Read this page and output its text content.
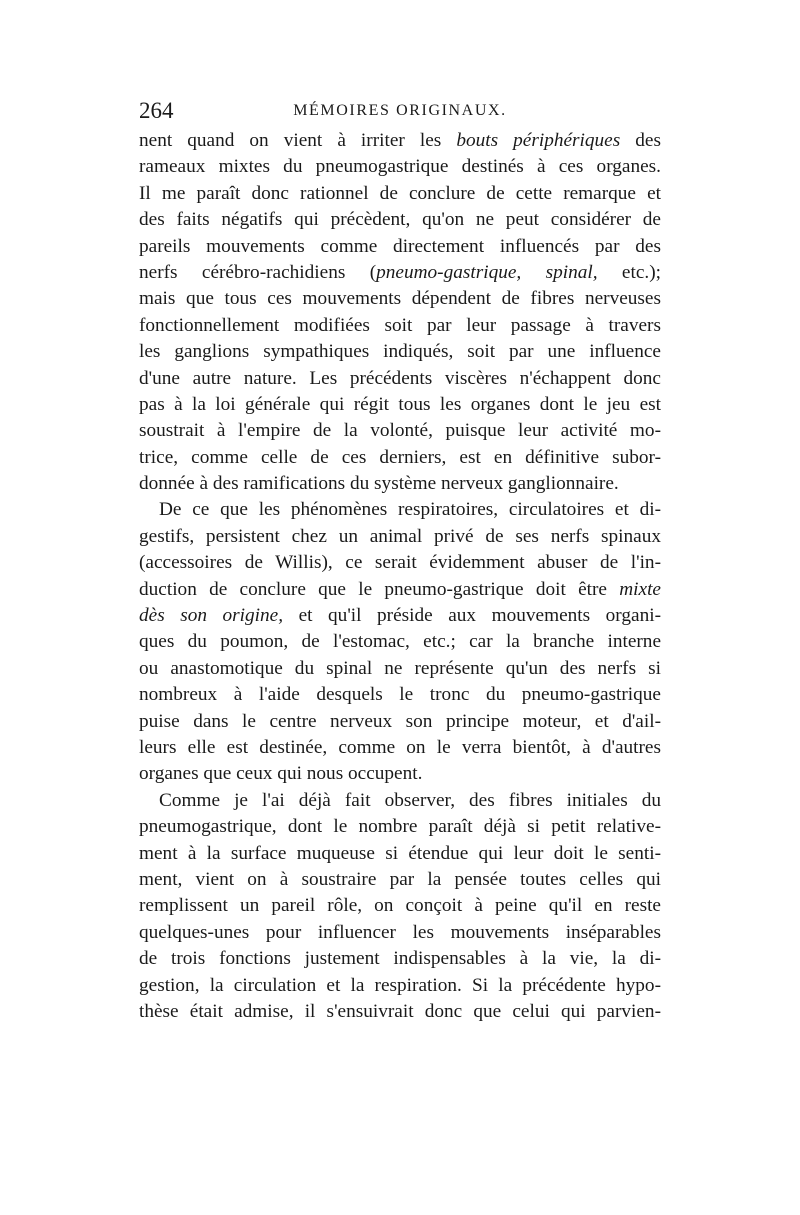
264	MÉMOIRES ORIGINAUX.
nent quand on vient à irriter les bouts périphériques des
rameaux mixtes du pneumogastrique destinés à ces organes.
Il me paraît donc rationnel de conclure de cette remarque et
des faits négatifs qui précèdent, qu'on ne peut considérer de
pareils mouvements comme directement influencés par des
nerfs cérébro-rachidiens (pneumo-gastrique, spinal, etc.);
mais que tous ces mouvements dépendent de fibres nerveuses
fonctionnellement modifiées soit par leur passage à travers
les ganglions sympathiques indiqués, soit par une influence
d'une autre nature. Les précédents viscères n'échappent donc
pas à la loi générale qui régit tous les organes dont le jeu est
soustrait à l'empire de la volonté, puisque leur activité mo-
trice, comme celle de ces derniers, est en définitive subor-
donnée à des ramifications du système nerveux ganglionnaire.
De ce que les phénomènes respiratoires, circulatoires et di-
gestifs, persistent chez un animal privé de ses nerfs spinaux
(accessoires de Willis), ce serait évidemment abuser de l'in-
duction de conclure que le pneumo-gastrique doit être mixte
dès son origine, et qu'il préside aux mouvements organi-
ques du poumon, de l'estomac, etc.; car la branche interne
ou anastomotique du spinal ne représente qu'un des nerfs si
nombreux à l'aide desquels le tronc du pneumo-gastrique
puise dans le centre nerveux son principe moteur, et d'ail-
leurs elle est destinée, comme on le verra bientôt, à d'autres
organes que ceux qui nous occupent.
Comme je l'ai déjà fait observer, des fibres initiales du
pneumogastrique, dont le nombre paraît déjà si petit relative-
ment à la surface muqueuse si étendue qui leur doit le senti-
ment, vient on à soustraire par la pensée toutes celles qui
remplissent un pareil rôle, on conçoit à peine qu'il en reste
quelques-unes pour influencer les mouvements inséparables
de trois fonctions justement indispensables à la vie, la di-
gestion, la circulation et la respiration. Si la précédente hypo-
thèse était admise, il s'ensuivrait donc que celui qui parvien-
